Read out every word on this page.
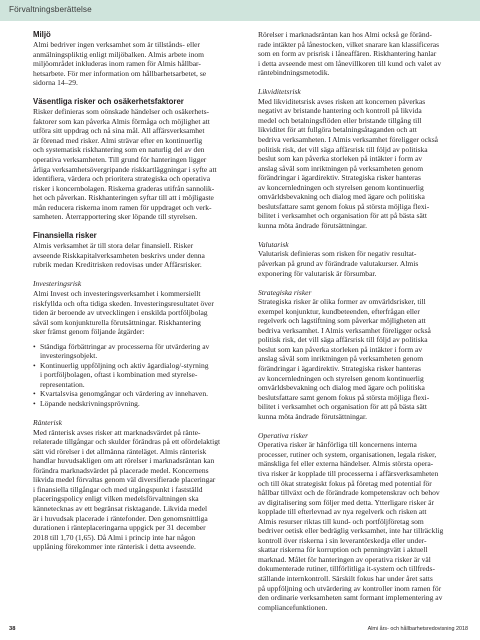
Förvaltningsberättelse

Miljö

Almi bedriver ingen verksamhet som är tillstånds- eller
anmälningspliktig enligt miljöbalken. Almis arbete inom
miljöområdet inkluderas inom ramen för Almis hållbar-
hetsarbete. För mer information om hållbarhetsarbetet, se
sidorna 14–29.

Väsentliga risker och osäkerhetsfaktorer

Risker definieras som oönskade händelser och osäkerhets-
faktorer som kan påverka Almis förmåga och möjlighet att
utföra sitt uppdrag och nå sina mål. All affärsverksamhet
är förenad med risker. Almi strävar efter en kontinuerlig
och systematisk riskhantering som en naturlig del av den
operativa verksamheten. Till grund för hanteringen ligger
årliga verksamhetsövergripande riskkartläggningar i syfte att
identifiera, värdera och prioritera strategiska och operativa
risker i koncernbolagen. Riskerna graderas utifrån sannolik-
het och påverkan. Riskhanteringen syftar till att i möjligaste
mån reducera riskerna inom ramen för uppdraget och verk-
samheten. Återrapportering sker löpande till styrelsen.

Finansiella risker

Almis verksamhet är till stora delar finansiell. Risker
avseende Riskkapitalverksamheten beskrivs under denna
rubrik medan Kreditrisken redovisas under Affärsrisker.

Investeringsrisk

Almi Invest och investeringsverksamhet i kommersiellt
riskfyllda och ofta tidiga skeden. Investeringsresultatet över
tiden är beroende av utvecklingen i enskilda portföljbolag
såväl som konjunkturella förutsättningar. Riskhantering
sker främst genom följande åtgärder:

• Ständiga förbättringar av processerna för utvärdering av
investeringsobjekt.
• Kontinuerlig uppföljning och aktiv ägardialog/-styrning
i portföljbolagen, oftast i kombination med styrelse-
representation.
• Kvartalsvisa genomgångar och värdering av innehaven.
• Löpande nedskrivningsprövning.

Ränterisk

Med ränterisk avses risker att marknadsvärdet på ränte-
relaterade tillgångar och skulder förändras på ett ofördelaktigt
sätt vid rörelser i det allmänna ränteläget. Almis ränterisk
handlar huvudsakligen om att rörelser i marknadsräntan kan
förändra marknadsvärdet på placerade medel. Koncernens
likvida medel förvaltas genom väl diversifierade placeringar
i finansiella tillgångar och med utgångspunkt i fastställd
placeringspolicy enligt vilken medelsförvaltningen ska
kännetecknas av ett begränsat risktagande. Likvida medel
är i huvudsak placerade i räntefonder. Den genomsnittliga
durationen i ränteplaceringarna uppgick per 31 december
2018 till 1,70 (1,65). Då Almi i princip inte har någon
upplåning förekommer inte ränterisk i detta avseende.

Rörelser i marknadsräntan kan hos Almi också ge föränd-
rade intäkter på lånestocken, vilket snarare kan klassificeras
som en form av prisrisk i låneaffären. Riskhantering hanlar
i detta avseende mest om lånevillkoren till kund och valet av
räntebindningsmetodik.

Likviditetsrisk

Med likviditetsrisk avses risken att koncernen påverkas
negativt av bristande hantering och kontroll på likvida
medel och betalningsflöden eller bristande tillgång till
likviditet för att fullgöra betalningsåtaganden och att
bedriva verksamheten. I Almis verksamhet föreligger också
politisk risk, det vill säga affärsrisk till följd av politiska
beslut som kan påverka storleken på intäkter i form av
anslag såväl som inriktningen på verksamheten genom
förändringar i ägardirektiv. Strategiska risker hanteras
av koncernledningen och styrelsen genom kontinuerlig
omvärldsbevakning och dialog med ägare och politiska
beslutsfattare samt genom fokus på största möjliga flexi-
bilitet i verksamhet och organisation för att på bästa sätt
kunna möta ändrade förutsättningar.

Valutarisk

Valutarisk definieras som risken för negativ resultat-
påverkan på grund av förändrade valutakurser. Almis
exponering för valutarisk är försumbar.

Strategiska risker

Strategiska risker är olika former av omvärldsrisker, till
exempel konjunktur, kundbeteenden, efterfrågan eller
regelverk och lagstiftning som påverkar möjligheten att
bedriva verksamhet. I Almis verksamhet föreligger också
politisk risk, det vill säga affärsrisk till följd av politiska
beslut som kan påverka storleken på intäkter i form av
anslag såväl som inriktningen på verksamheten genom
förändringar i ägardirektiv. Strategiska risker hanteras
av koncernledningen och styrelsen genom kontinuerlig
omvärldsbevakning och dialog med ägare och politiska
beslutsfattare samt genom fokus på största möjliga flexi-
bilitet i verksamhet och organisation för att på bästa sätt
kunna möta ändrade förutsättningar.

Operativa risker

Operativa risker är hänförliga till koncernens interna
processer, rutiner och system, organisationen, legala risker,
mänskliga fel eller externa händelser. Almis största opera-
tiva risker är kopplade till processerna i affärsverksamheten
och till ökat strategiskt fokus på företag med potential för
hållbar tillväxt och de förändrade kompetenskrav och behov
av digitalisering som följer med detta. Ytterligare risker är
kopplade till efterlevnad av nya regelverk och risken att
Almis resurser riktas till kund- och portföljföretag som
bedriver oetisk eller bedräglig verksamhet, inte har tillräcklig
kontroll över riskerna i sin leverantörskedja eller under-
skattar riskerna för korruption och penningtvätt i aktuell
marknad. Målet för hanteringen av operativa risker är väl
dokumenterade rutiner, tillförlitliga it-system och tillfreds-
ställande internkontroll. Särskilt fokus har under året satts
på uppföljning och utvärdering av kontroller inom ramen för
den ordinarie verksamheten samt formant implementering av
compliancefunktionen.

38	Almi års- och hållbarhetsredovisning 2018
